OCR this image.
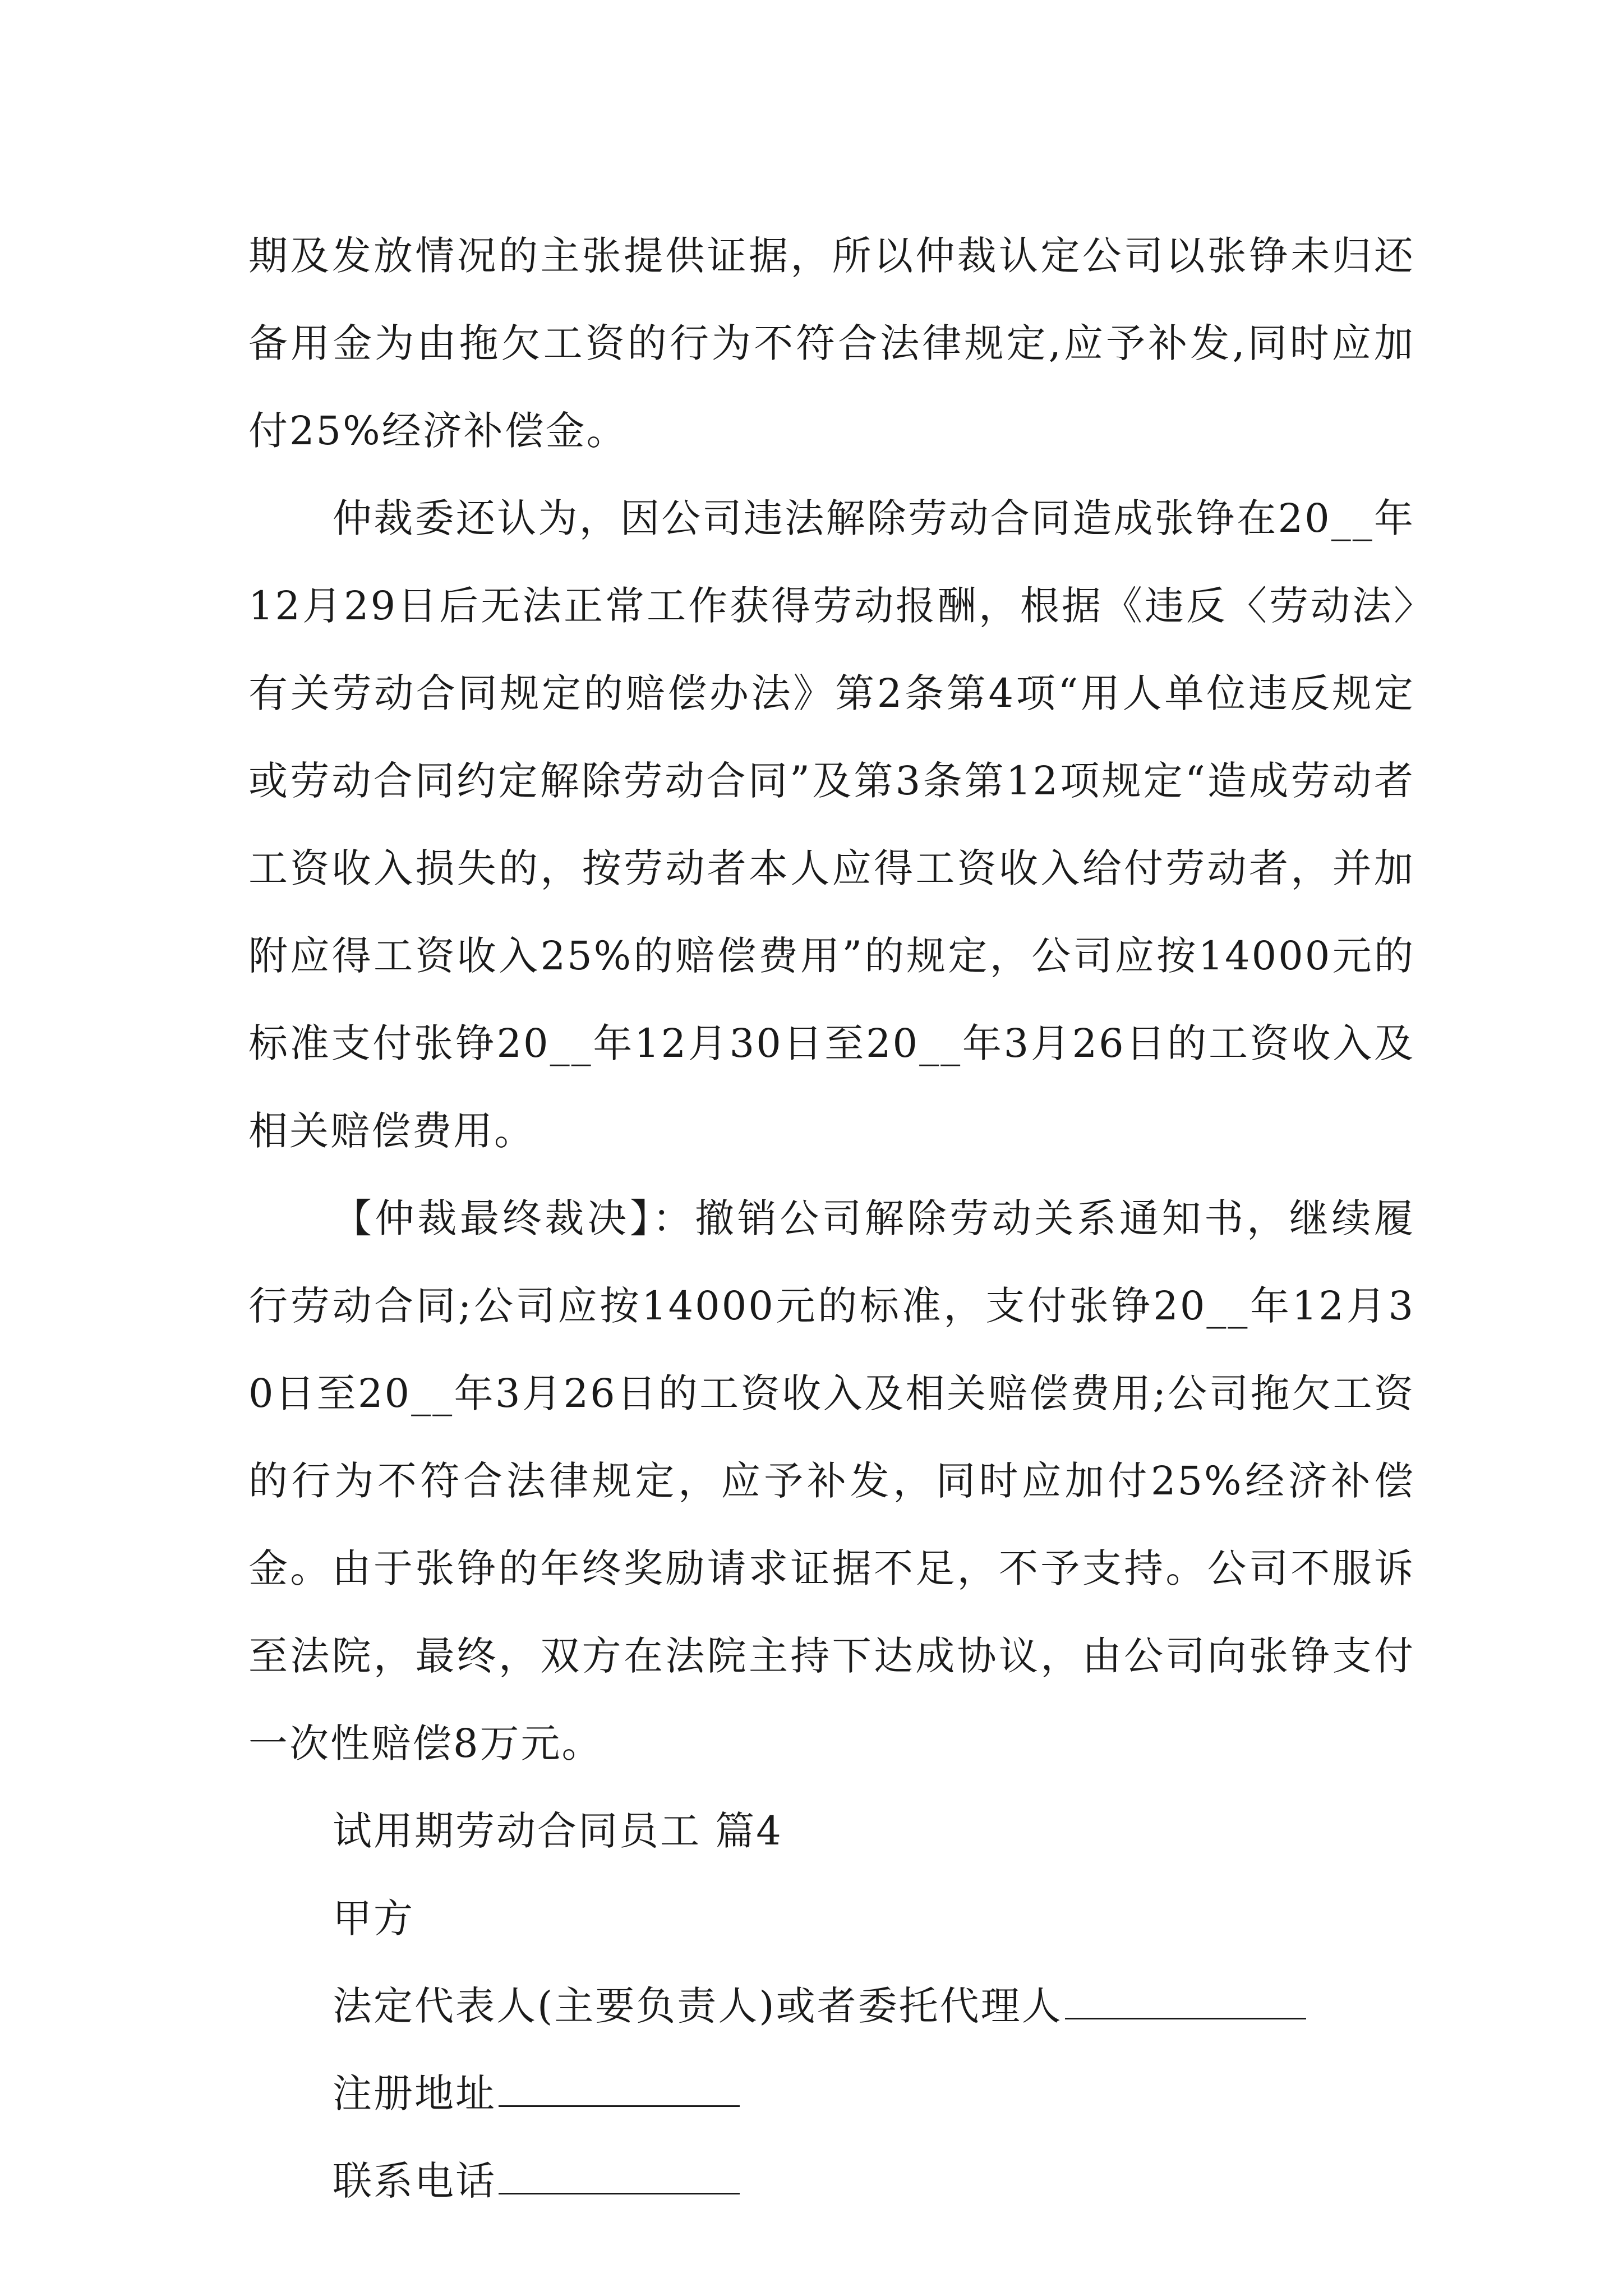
期及发放情况的主张提供证据，所以仲裁认定公司以张铮未归还备用金为由拖欠工资的行为不符合法律规定,应予补发,同时应加付25%经济补偿金。

仲裁委还认为，因公司违法解除劳动合同造成张铮在20__年12月29日后无法正常工作获得劳动报酬，根据《违反〈劳动法〉有关劳动合同规定的赔偿办法》第2条第4项“用人单位违反规定或劳动合同约定解除劳动合同”及第3条第12项规定“造成劳动者工资收入损失的，按劳动者本人应得工资收入给付劳动者，并加附应得工资收入25%的赔偿费用”的规定，公司应按14000元的标准支付张铮20__年12月30日至20__年3月26日的工资收入及相关赔偿费用。

【仲裁最终裁决】：撤销公司解除劳动关系通知书，继续履行劳动合同;公司应按14000元的标准，支付张铮20__年12月30日至20__年3月26日的工资收入及相关赔偿费用;公司拖欠工资的行为不符合法律规定，应予补发，同时应加付25%经济补偿金。由于张铮的年终奖励请求证据不足，不予支持。公司不服诉至法院，最终，双方在法院主持下达成协议，由公司向张铮支付一次性赔偿8万元。

试用期劳动合同员工 篇4

甲方

法定代表人(主要负责人)或者委托代理人

注册地址

联系电话
